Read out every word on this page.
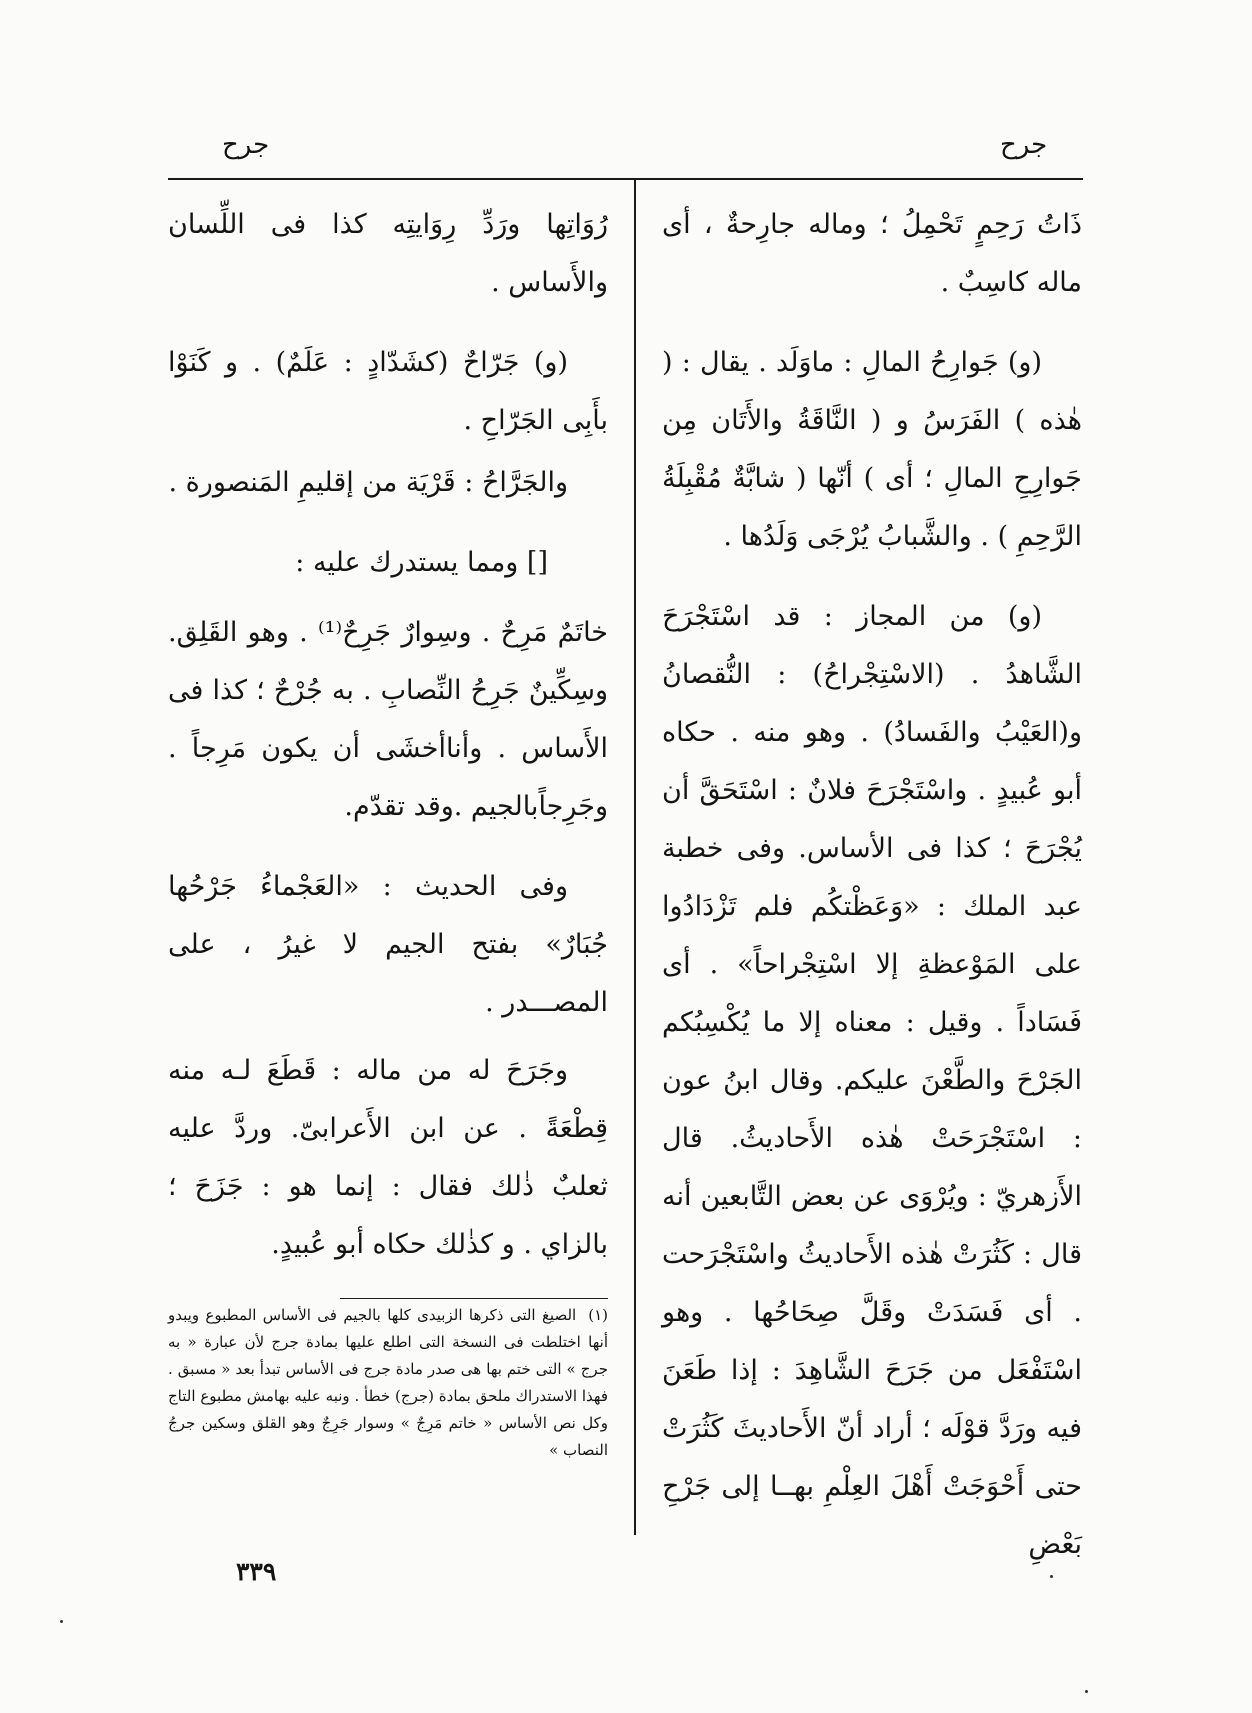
جرح	جرح

ذَاتُ رَحِمٍ تَحْمِلُ ؛ وماله جارِحةٌ ، أى ماله كاسِبٌ .

(و) جَوارِحُ المالِ : ماوَلَد . يقال : ( هٰذه ) الفَرَسُ و ( النَّاقَةُ والأَتَان مِن جَوارِحِ المالِ ؛ أى ) أنّها ( شابَّةٌ مُقْبِلَةُ الرَّحِمِ ) . والشَّبابُ يُرْجَى وَلَدُها .

(و) من المجاز : قد اسْتَجْرَحَ الشَّاهدُ . (الاسْتِجْراحُ) : النُّقصانُ و(العَيْبُ والفَسادُ) . وهو منه . حكاه أبو عُبيدٍ . واسْتَجْرَحَ فلانٌ : اسْتَحَقَّ أن يُجْرَحَ ؛ كذا فى الأساس. وفى خطبة عبد الملك : «وَعَظْتكُم فلم تَزْدَادُوا على المَوْعظةِ إلا اسْتِجْراحاً» . أى فَسَاداً . وقيل : معناه إلا ما يُكْسِبُكم الجَرْحَ والطَّعْنَ عليكم. وقال ابنُ عون : اسْتَجْرَحَتْ هٰذه الأَحاديثُ. قال الأَزهريّ : ويُرْوَى عن بعض التَّابعين أنه قال : كَثُرَتْ هٰذه الأَحاديثُ واسْتَجْرَحت . أى فَسَدَتْ وقَلَّ صِحَاحُها . وهو اسْتَفْعَل من جَرَحَ الشَّاهِدَ : إذا طَعَنَ فيه ورَدَّ قوْلَه ؛ أراد أنّ الأَحاديثَ كَثُرَتْ حتى أَحْوَجَتْ أَهْلَ العِلْمِ بهــا إلى جَرْحِ بَعْضِ

رُوَاتِها ورَدِّ رِوَايتِه كذا فى اللِّسان والأَساس .

(و) جَرّاحٌ (كشَدّادٍ : عَلَمٌ) . و كَنَوْا بأَبِى الجَرّاحِ .

والجَرَّاحُ : قَرْيَة من إقليمِ المَنصورة .

[] ومما يستدرك عليه :

خاتَمٌ مَرِحٌ . وسِوارٌ جَرِحٌ⁽¹⁾ . وهو القَلِق. وسِكِّينٌ جَرِحُ النِّصابِ . به جُرْحٌ ؛ كذا فى الأَساس . وأناأخشَى أن يكون مَرِجاً . وجَرِجاًبالجيم .وقد تقدّم.

وفى الحديث : «العَجْماءُ جَرْحُها جُبَارٌ» بفتح الجيم لا غيرُ ، على المصـــدر .

وجَرَحَ له من ماله : قَطَعَ لـه منه قِطْعَةً . عن ابن الأَعرابىّ. وردَّ عليه ثعلبٌ ذٰلك فقال : إنما هو : جَزَحَ ؛ بالزاي . و كذٰلك حكاه أبو عُبيدٍ.

(١)الصيغ التى ذكرها الزبيدى كلها بالجيم فى الأساس المطبوع ويبدو أنها اختلطت فى النسخة التى اطلع عليها بمادة جرج لأن عبارة « به جرج » التى ختم بها هى صدر مادة جرج فى الأساس تبدأ بعد « مسبق . فهذا الاستدراك ملحق بمادة (جرج) خطأ . ونبه عليه بهامش مطبوع التاج وكل نص الأساس « خاتم مَرِجٌ » وسوار جَرِجٌ وهو القلق وسكين جرجُ النصاب »
٣٣٩
